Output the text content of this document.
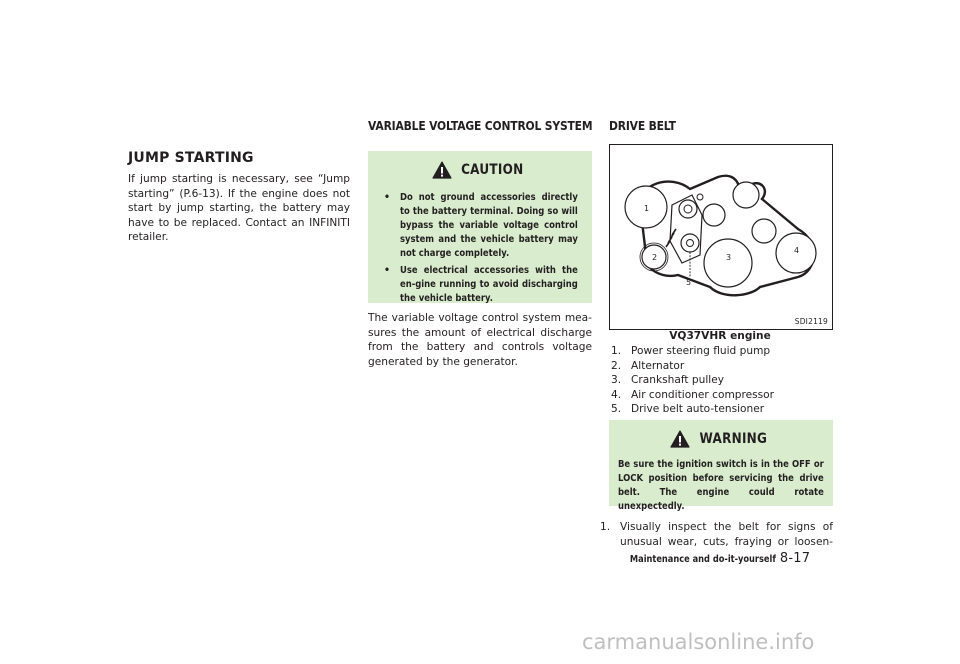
JUMP STARTING

If jump starting is necessary, see “Jump

starting” (P.6-13). If the engine does not

start by jump starting, the battery may

have to be replaced. Contact an INFINITI

retailer.

VARIABLE VOLTAGE CONTROL SYSTEM
CAUTION
• Do not ground accessories directly to the battery terminal. Doing so will bypass the variable voltage control system and the vehicle battery may not charge completely.
• Use electrical accessories with the en-gine running to avoid discharging the vehicle battery.

The variable voltage control system mea-

sures the amount of electrical discharge

from the battery and controls voltage

generated by the generator.

DRIVE BELT
1
2	3
4
5
SDI2119
VQ37VHR engine
1. Power steering fluid pump
2. Alternator
3. Crankshaft pulley
4. Air conditioner compressor
5. Drive belt auto-tensioner
WARNING
Be sure the ignition switch is in the OFF or LOCK position before servicing the drive belt. The engine could rotate unexpectedly.
1. Visually inspect the belt for signs of
unusual wear, cuts, fraying or loosen-
Maintenance and do-it-yourself 8-17
carmanualsonline.info
